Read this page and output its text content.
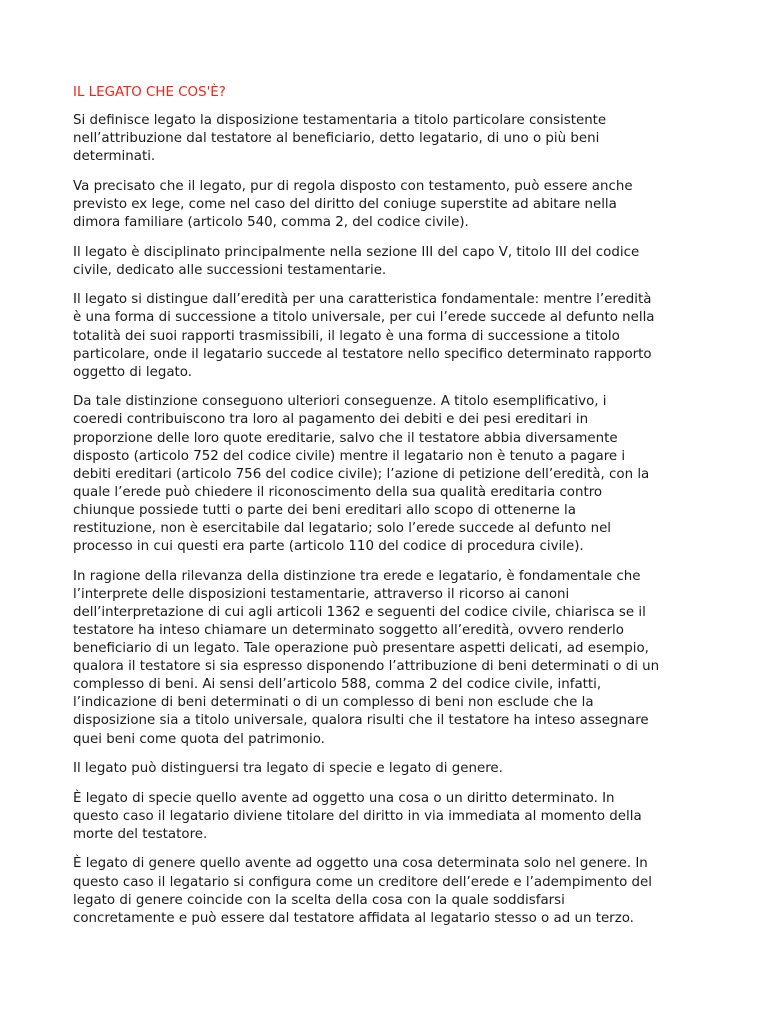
IL LEGATO CHE COS'È?
Si definisce legato la disposizione testamentaria a titolo particolare consistente
nell’attribuzione dal testatore al beneficiario, detto legatario, di uno o più beni
determinati.
Va precisato che il legato, pur di regola disposto con testamento, può essere anche
previsto ex lege, come nel caso del diritto del coniuge superstite ad abitare nella
dimora familiare (articolo 540, comma 2, del codice civile).
Il legato è disciplinato principalmente nella sezione III del capo V, titolo III del codice
civile, dedicato alle successioni testamentarie.
Il legato si distingue dall’eredità per una caratteristica fondamentale: mentre l’eredità
è una forma di successione a titolo universale, per cui l’erede succede al defunto nella
totalità dei suoi rapporti trasmissibili, il legato è una forma di successione a titolo
particolare, onde il legatario succede al testatore nello specifico determinato rapporto
oggetto di legato.
Da tale distinzione conseguono ulteriori conseguenze. A titolo esemplificativo, i
coeredi contribuiscono tra loro al pagamento dei debiti e dei pesi ereditari in
proporzione delle loro quote ereditarie, salvo che il testatore abbia diversamente
disposto (articolo 752 del codice civile) mentre il legatario non è tenuto a pagare i
debiti ereditari (articolo 756 del codice civile); l’azione di petizione dell’eredità, con la
quale l’erede può chiedere il riconoscimento della sua qualità ereditaria contro
chiunque possiede tutti o parte dei beni ereditari allo scopo di ottenerne la
restituzione, non è esercitabile dal legatario; solo l’erede succede al defunto nel
processo in cui questi era parte (articolo 110 del codice di procedura civile).
In ragione della rilevanza della distinzione tra erede e legatario, è fondamentale che
l’interprete delle disposizioni testamentarie, attraverso il ricorso ai canoni
dell’interpretazione di cui agli articoli 1362 e seguenti del codice civile, chiarisca se il
testatore ha inteso chiamare un determinato soggetto all’eredità, ovvero renderlo
beneficiario di un legato. Tale operazione può presentare aspetti delicati, ad esempio,
qualora il testatore si sia espresso disponendo l’attribuzione di beni determinati o di un
complesso di beni. Ai sensi dell’articolo 588, comma 2 del codice civile, infatti,
l’indicazione di beni determinati o di un complesso di beni non esclude che la
disposizione sia a titolo universale, qualora risulti che il testatore ha inteso assegnare
quei beni come quota del patrimonio.
Il legato può distinguersi tra legato di specie e legato di genere.
È legato di specie quello avente ad oggetto una cosa o un diritto determinato. In
questo caso il legatario diviene titolare del diritto in via immediata al momento della
morte del testatore.
È legato di genere quello avente ad oggetto una cosa determinata solo nel genere. In
questo caso il legatario si configura come un creditore dell’erede e l’adempimento del
legato di genere coincide con la scelta della cosa con la quale soddisfarsi
concretamente e può essere dal testatore affidata al legatario stesso o ad un terzo.
